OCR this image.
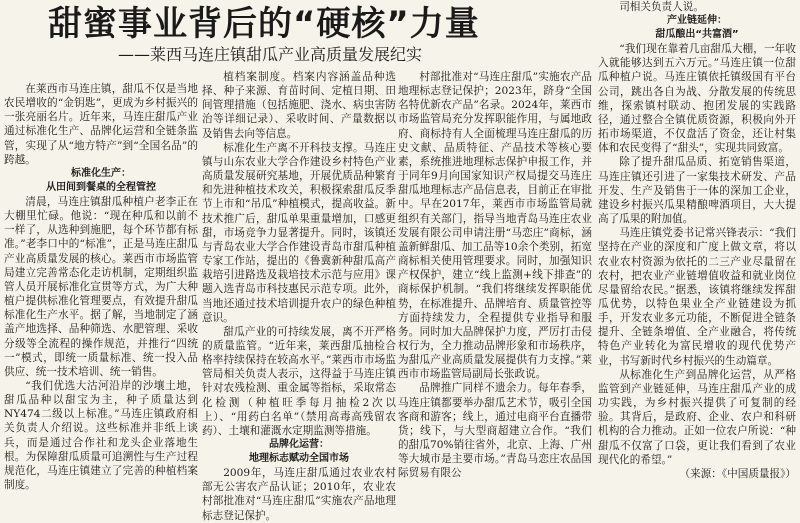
甜蜜事业背后的“硬核”力量
——莱西马连庄镇甜瓜产业高质量发展纪实

在莱西市马连庄镇，甜瓜不仅是当地农民增收的“金钥匙”，更成为乡村振兴的一张亮丽名片。近年来，马连庄甜瓜产业通过标准化生产、品牌化运营和全链条监管，实现了从“地方特产”到“全国名品”的跨越。

标准化生产：

从田间到餐桌的全程管控

清晨，马连庄镇甜瓜种植户老李正在大棚里忙碌。他说：“现在种瓜和以前不一样了，从选种到施肥，每个环节都有标准。”老李口中的“标准”，正是马连庄甜瓜产业高质量发展的核心。莱西市市场监管局建立完善常态化走访机制，定期组织监管人员开展标准化宣贯等方式，为广大种植户提供标准化管理要点，有效提升甜瓜标准化生产水平。据了解，当地制定了涵盖产地选择、品种筛选、水肥管理、采收分级等全流程的操作规范，并推行“四统一”模式，即统一质量标准、统一投入品供应、统一技术培训、统一销售。

“我们优选大沽河沿岸的沙壤土地，甜瓜品种以甜宝为主，种子质量达到NY474二级以上标准。”马连庄镇政府相关负责人介绍说。这些标准并非纸上谈兵，而是通过合作社和龙头企业落地生根。为保障甜瓜质量可追溯性与生产过程规范化，马连庄镇建立了完善的种植档案制度。

植档案制度。档案内容涵盖品种选择、种子来源、育苗时间、定植日期、田间管理措施（包括施肥、浇水、病虫害防治等详细记录）、采收时间、产量数据以及销售去向等信息。

标准化生产离不开科技支撑。马连庄镇与山东农业大学合作建设乡村特色产业高质量发展研究基地，开展优质品种繁育和先进种植技术攻关，积极探索甜瓜反季节上市和“吊瓜”种植模式，提高收益。新技术推广后，甜瓜单果重量增加，口感更甜，市场竞争力显著提升。同时，该镇还与青岛农业大学合作建设青岛市甜瓜种植专家工作站，提出的《鲁冀新种甜瓜高产栽培引进路选及栽培技术示范与应用》课题入选青岛市科技惠民示范专项。此外，当地还通过技术培训提升农户的绿色种植意识。

甜瓜产业的可持续发展，离不开严格的质量监管。“近年来，莱西甜瓜抽检合格率持续保持在较高水平。”莱西市市场监管局相关负责人表示，这得益于马连庄镇针对农残检测、重金属等指标，采取常态化检测（种植旺季每月抽检2次以上）、“用药白名单”（禁用高毒高残留农药）、土壤和灌溉水定期监测等措施。

品牌化运营：

地理标志赋动全国市场

2009年，马连庄甜瓜通过农业农村部无公害农产品认证；2010年，农业农村部批准对“马连庄甜瓜”实施农产品地理标志登记保护。

村部批准对“马连庄甜瓜”实施农产品地理标志登记保护；2023年，跻身“全国名特优新农产品”名录。2024年，莱西市市场监管局充分发挥职能作用，与属地政府、商标持有人全面梳理马连庄甜瓜的历史文献、品质特征、产品技术等核心要素，系统推进地理标志保护申报工作，并于同年9月向国家知识产权局提交马连庄甜瓜地理标志产品信息表，目前正在审批中。早在2017年，莱西市市场监管局就组织有关部门，指导当地青岛马连庄农业发展有限公司申请注册“马恋庄”商标，涵盖新鲜甜瓜、加工品等10余个类别，拓宽商标相关使用管理要求。同时，加强知识产权保护，建立“线上监测+线下排查”的商标保护机制。“我们将继续发挥职能优势，在标准提升、品牌培育、质量管控等方面持续发力，全程提供专业指导和服务。同时加大品牌保护力度，严厉打击侵权行为，全力推动品牌形象和市场秩序，为甜瓜产业高质量发展提供有力支撑。”莱西市市场监管局副局长张政说。

品牌推广同样不遗余力。每年春季，马连庄镇都要举办甜瓜艺术节，吸引全国客商和游客；线上，通过电商平台直播带货；线下，与大型商超建立合作。“我们的甜瓜70%销往省外，北京、上海、广州等大城市是主要市场。”青岛马恋庄农品国际贸易有限公

司相关负责人说。

产业链延伸：

甜瓜酿出“共富酒”

“我们现在靠着几亩甜瓜大棚，一年收入就能够达到五六万元。”马连庄镇一位甜瓜种植户说。马连庄镇依托镇级国有平台公司，跳出各自为战、分散发展的传统思维，探索镇村联动、抱团发展的实践路径，通过整合全镇优质资源，积极向外开拓市场渠道，不仅盘活了资金，还让村集体和农民变得了“甜头”，实现共同致富。

除了提升甜瓜品质、拓宽销售渠道，马连庄镇还引进了一家集技术研发、产品开发、生产及销售于一体的深加工企业，建设乡村振兴瓜果精酿啤酒项目，大大提高了瓜果的附加值。

马连庄镇党委书记常兴锋表示：“我们坚持在产业的深度和广度上做文章，将以农业农村资源为依托的二三产业尽量留在农村，把农业产业链增值收益和就业岗位尽量留给农民。”据悉，该镇将继续发挥甜瓜优势，以特色果业全产业链建设为抓手，开发农业多元功能，不断促进全链条提升、全链条增值、全产业融合，将传统特色产业转化为富民增收的现代优势产业，书写新时代乡村振兴的生动篇章。

从标准化生产到品牌化运营，从严格监管到产业链延伸，马连庄甜瓜产业的成功实践，为乡村振兴提供了可复制的经验。其背后，是政府、企业、农户和科研机构的合力推动。正如一位农户所说：“种甜瓜不仅富了口袋，更让我们看到了农业现代化的希望。”

（来源：《中国质量报》）
